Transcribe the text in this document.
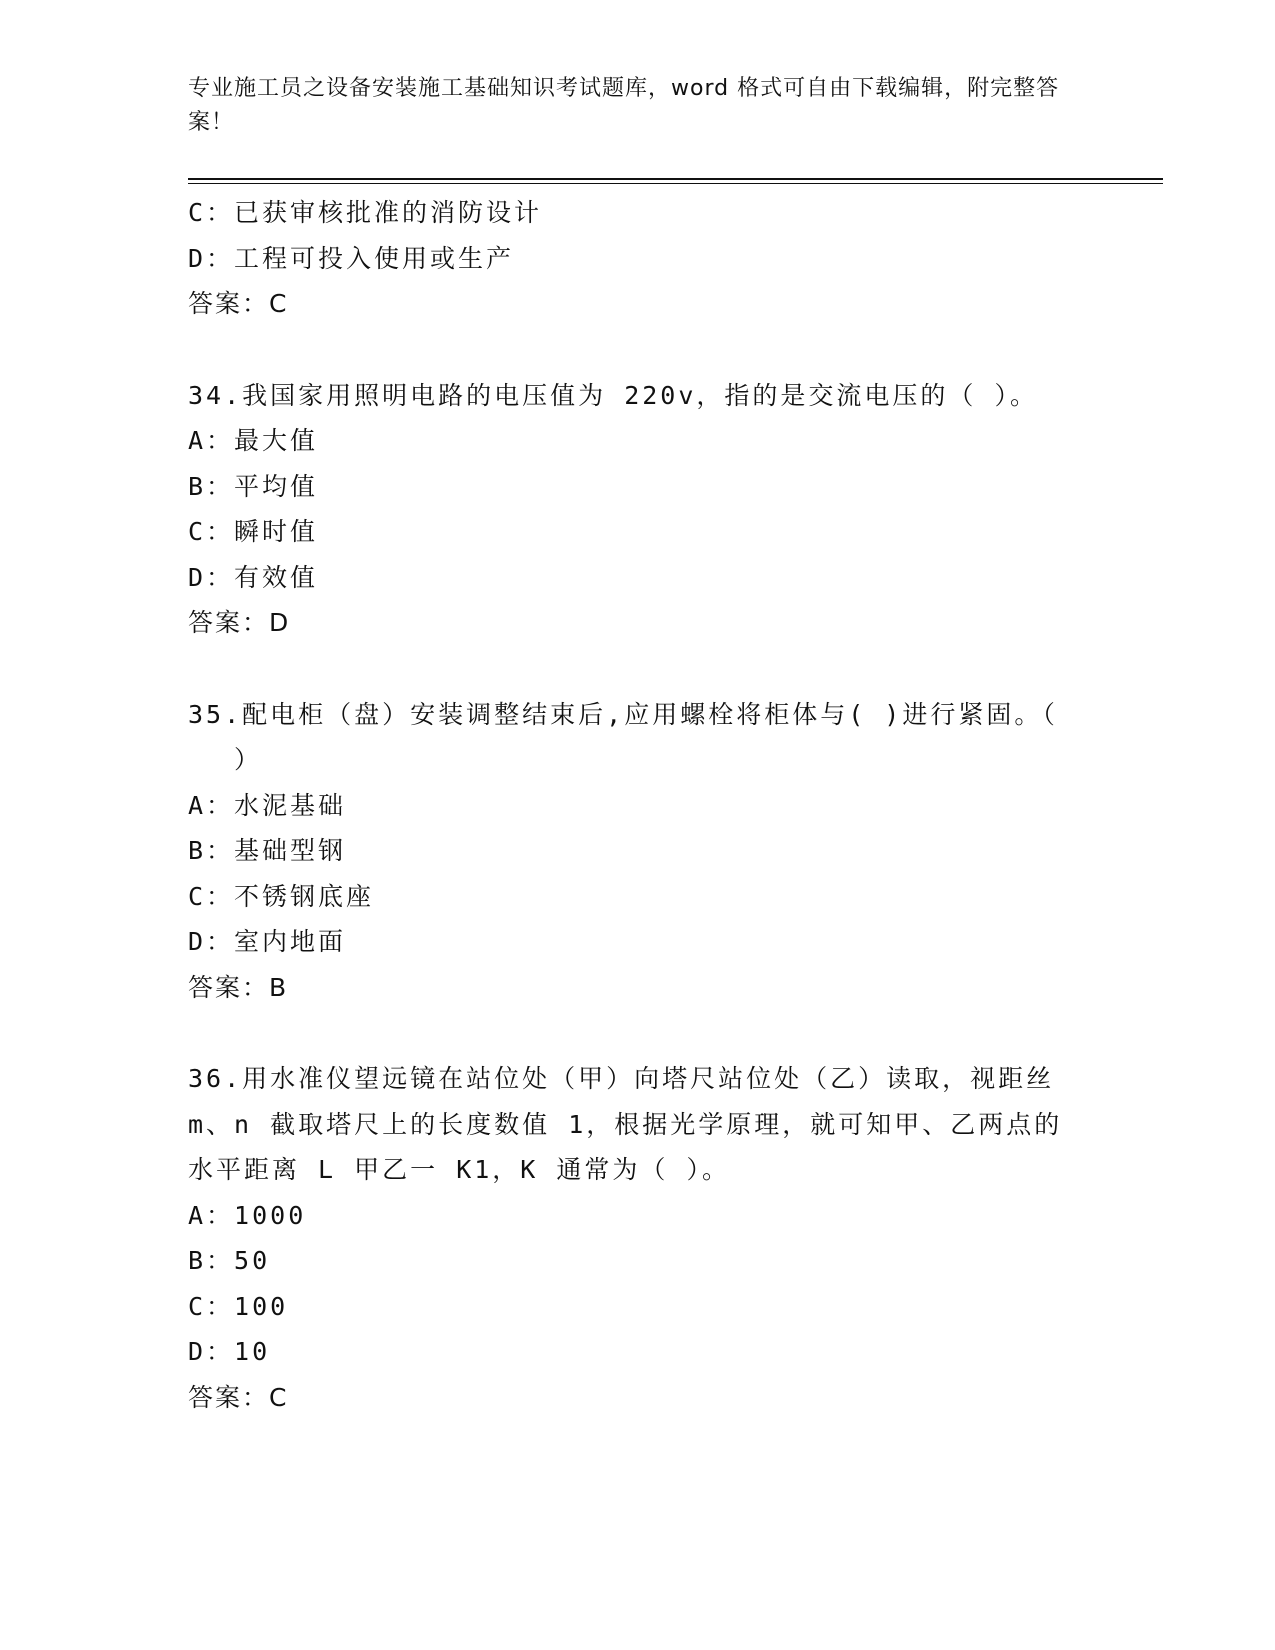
专业施工员之设备安装施工基础知识考试题库，word 格式可自由下载编辑，附完整答案！
C：已获审核批准的消防设计
D：工程可投入使用或生产
答案：C
34.我国家用照明电路的电压值为 220v，指的是交流电压的（ ）。
A：最大值
B：平均值
C：瞬时值
D：有效值
答案：D
35.配电柜（盘）安装调整结束后,应用螺栓将柜体与( )进行紧固。（
）
A：水泥基础
B：基础型钢
C：不锈钢底座
D：室内地面
答案：B
36.用水准仪望远镜在站位处（甲）向塔尺站位处（乙）读取，视距丝
m、n 截取塔尺上的长度数值 1，根据光学原理，就可知甲、乙两点的
水平距离 L 甲乙一 K1，K 通常为（ ）。
A：1000
B：50
C：100
D：10
答案：C
